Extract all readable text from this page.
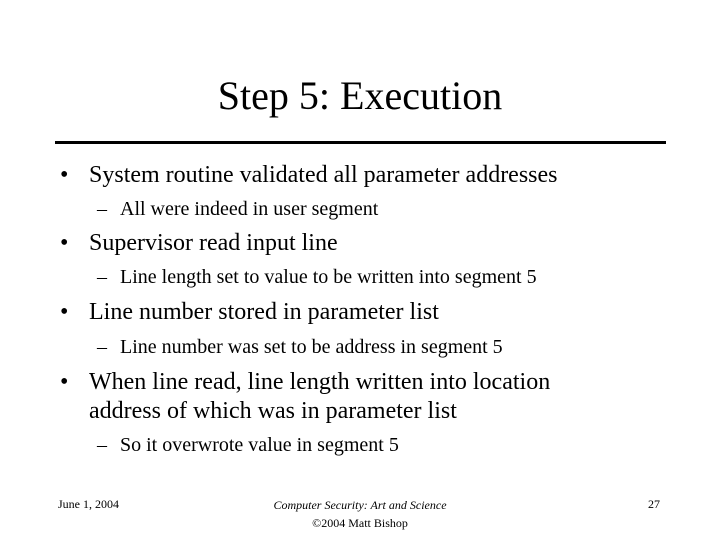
Step 5: Execution
• System routine validated all parameter addresses
– All were indeed in user segment
• Supervisor read input line
– Line length set to value to be written into segment 5
• Line number stored in parameter list
– Line number was set to be address in segment 5
• When line read, line length written into location
address of which was in parameter list
– So it overwrote value in segment 5
June 1, 2004	Computer Security: Art and Science
©2004 Matt Bishop
27
